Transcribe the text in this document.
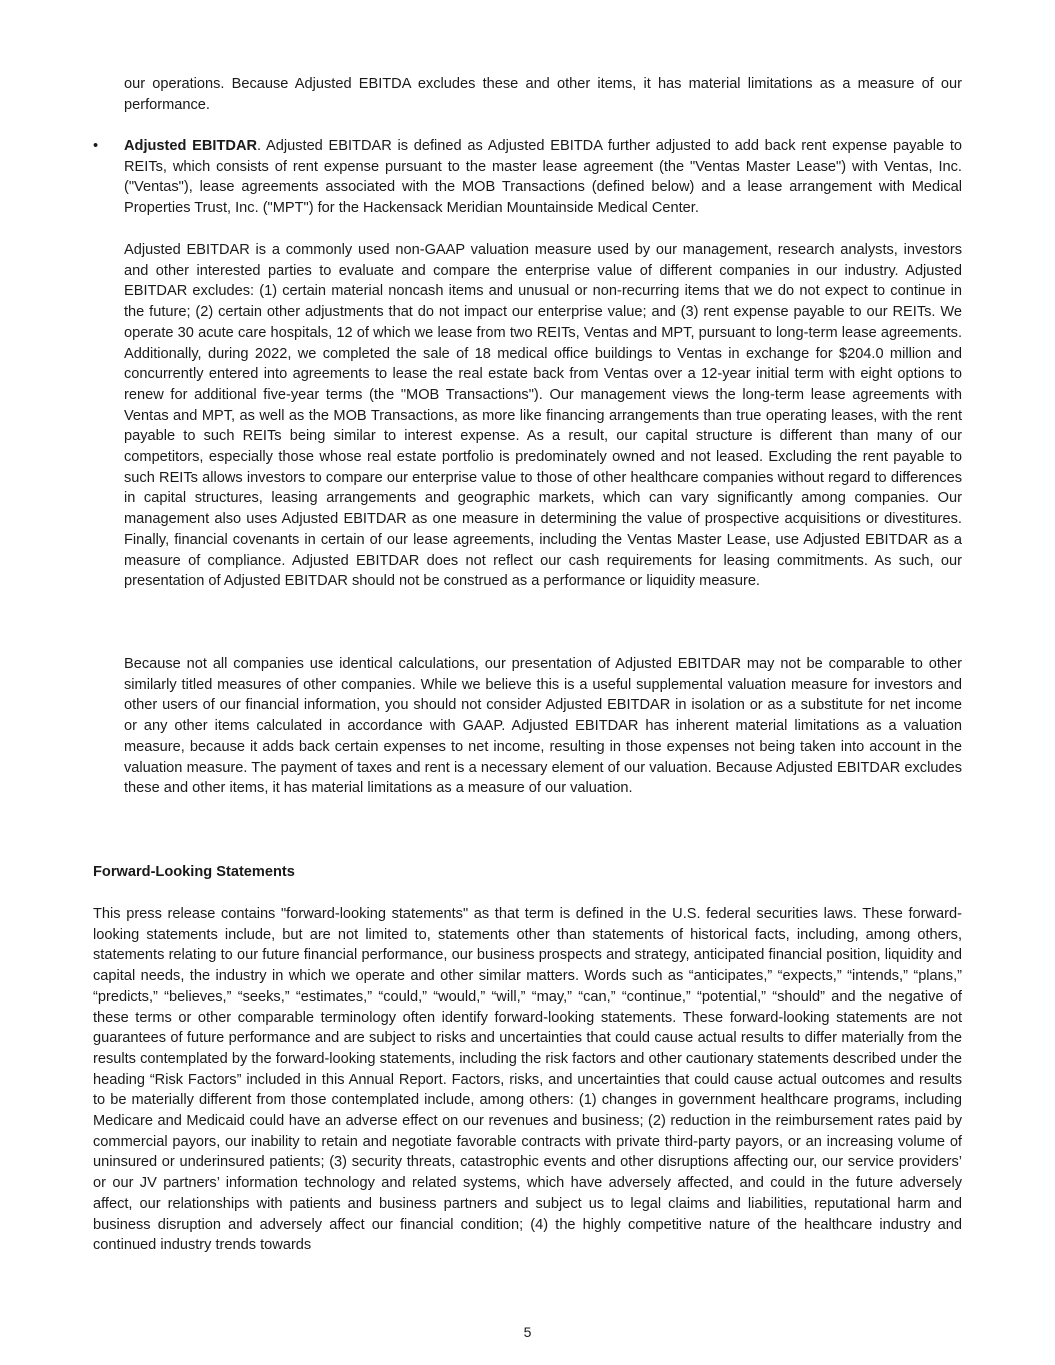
our operations. Because Adjusted EBITDA excludes these and other items, it has material limitations as a measure of our performance.

•	Adjusted EBITDAR. Adjusted EBITDAR is defined as Adjusted EBITDA further adjusted to add back rent expense payable to REITs, which consists of rent expense pursuant to the master lease agreement (the "Ventas Master Lease") with Ventas, Inc. ("Ventas"), lease agreements associated with the MOB Transactions (defined below) and a lease arrangement with Medical Properties Trust, Inc. ("MPT") for the Hackensack Meridian Mountainside Medical Center.

Adjusted EBITDAR is a commonly used non-GAAP valuation measure used by our management, research analysts, investors and other interested parties to evaluate and compare the enterprise value of different companies in our industry. Adjusted EBITDAR excludes: (1) certain material noncash items and unusual or non-recurring items that we do not expect to continue in the future; (2) certain other adjustments that do not impact our enterprise value; and (3) rent expense payable to our REITs. We operate 30 acute care hospitals, 12 of which we lease from two REITs, Ventas and MPT, pursuant to long-term lease agreements. Additionally, during 2022, we completed the sale of 18 medical office buildings to Ventas in exchange for $204.0 million and concurrently entered into agreements to lease the real estate back from Ventas over a 12-year initial term with eight options to renew for additional five-year terms (the "MOB Transactions"). Our management views the long-term lease agreements with Ventas and MPT, as well as the MOB Transactions, as more like financing arrangements than true operating leases, with the rent payable to such REITs being similar to interest expense. As a result, our capital structure is different than many of our competitors, especially those whose real estate portfolio is predominately owned and not leased. Excluding the rent payable to such REITs allows investors to compare our enterprise value to those of other healthcare companies without regard to differences in capital structures, leasing arrangements and geographic markets, which can vary significantly among companies. Our management also uses Adjusted EBITDAR as one measure in determining the value of prospective acquisitions or divestitures. Finally, financial covenants in certain of our lease agreements, including the Ventas Master Lease, use Adjusted EBITDAR as a measure of compliance. Adjusted EBITDAR does not reflect our cash requirements for leasing commitments. As such, our presentation of Adjusted EBITDAR should not be construed as a performance or liquidity measure.

Because not all companies use identical calculations, our presentation of Adjusted EBITDAR may not be comparable to other similarly titled measures of other companies. While we believe this is a useful supplemental valuation measure for investors and other users of our financial information, you should not consider Adjusted EBITDAR in isolation or as a substitute for net income or any other items calculated in accordance with GAAP. Adjusted EBITDAR has inherent material limitations as a valuation measure, because it adds back certain expenses to net income, resulting in those expenses not being taken into account in the valuation measure. The payment of taxes and rent is a necessary element of our valuation. Because Adjusted EBITDAR excludes these and other items, it has material limitations as a measure of our valuation.

Forward-Looking Statements

This press release contains "forward-looking statements" as that term is defined in the U.S. federal securities laws. These forward-looking statements include, but are not limited to, statements other than statements of historical facts, including, among others, statements relating to our future financial performance, our business prospects and strategy, anticipated financial position, liquidity and capital needs, the industry in which we operate and other similar matters. Words such as “anticipates,” “expects,” “intends,” “plans,” “predicts,” “believes,” “seeks,” “estimates,” “could,” “would,” “will,” “may,” “can,” “continue,” “potential,” “should” and the negative of these terms or other comparable terminology often identify forward-looking statements. These forward-looking statements are not guarantees of future performance and are subject to risks and uncertainties that could cause actual results to differ materially from the results contemplated by the forward-looking statements, including the risk factors and other cautionary statements described under the heading “Risk Factors” included in this Annual Report. Factors, risks, and uncertainties that could cause actual outcomes and results to be materially different from those contemplated include, among others: (1) changes in government healthcare programs, including Medicare and Medicaid could have an adverse effect on our revenues and business; (2) reduction in the reimbursement rates paid by commercial payors, our inability to retain and negotiate favorable contracts with private third-party payors, or an increasing volume of uninsured or underinsured patients; (3) security threats, catastrophic events and other disruptions affecting our, our service providers’ or our JV partners’ information technology and related systems, which have adversely affected, and could in the future adversely affect, our relationships with patients and business partners and subject us to legal claims and liabilities, reputational harm and business disruption and adversely affect our financial condition; (4) the highly competitive nature of the healthcare industry and continued industry trends towards

5
